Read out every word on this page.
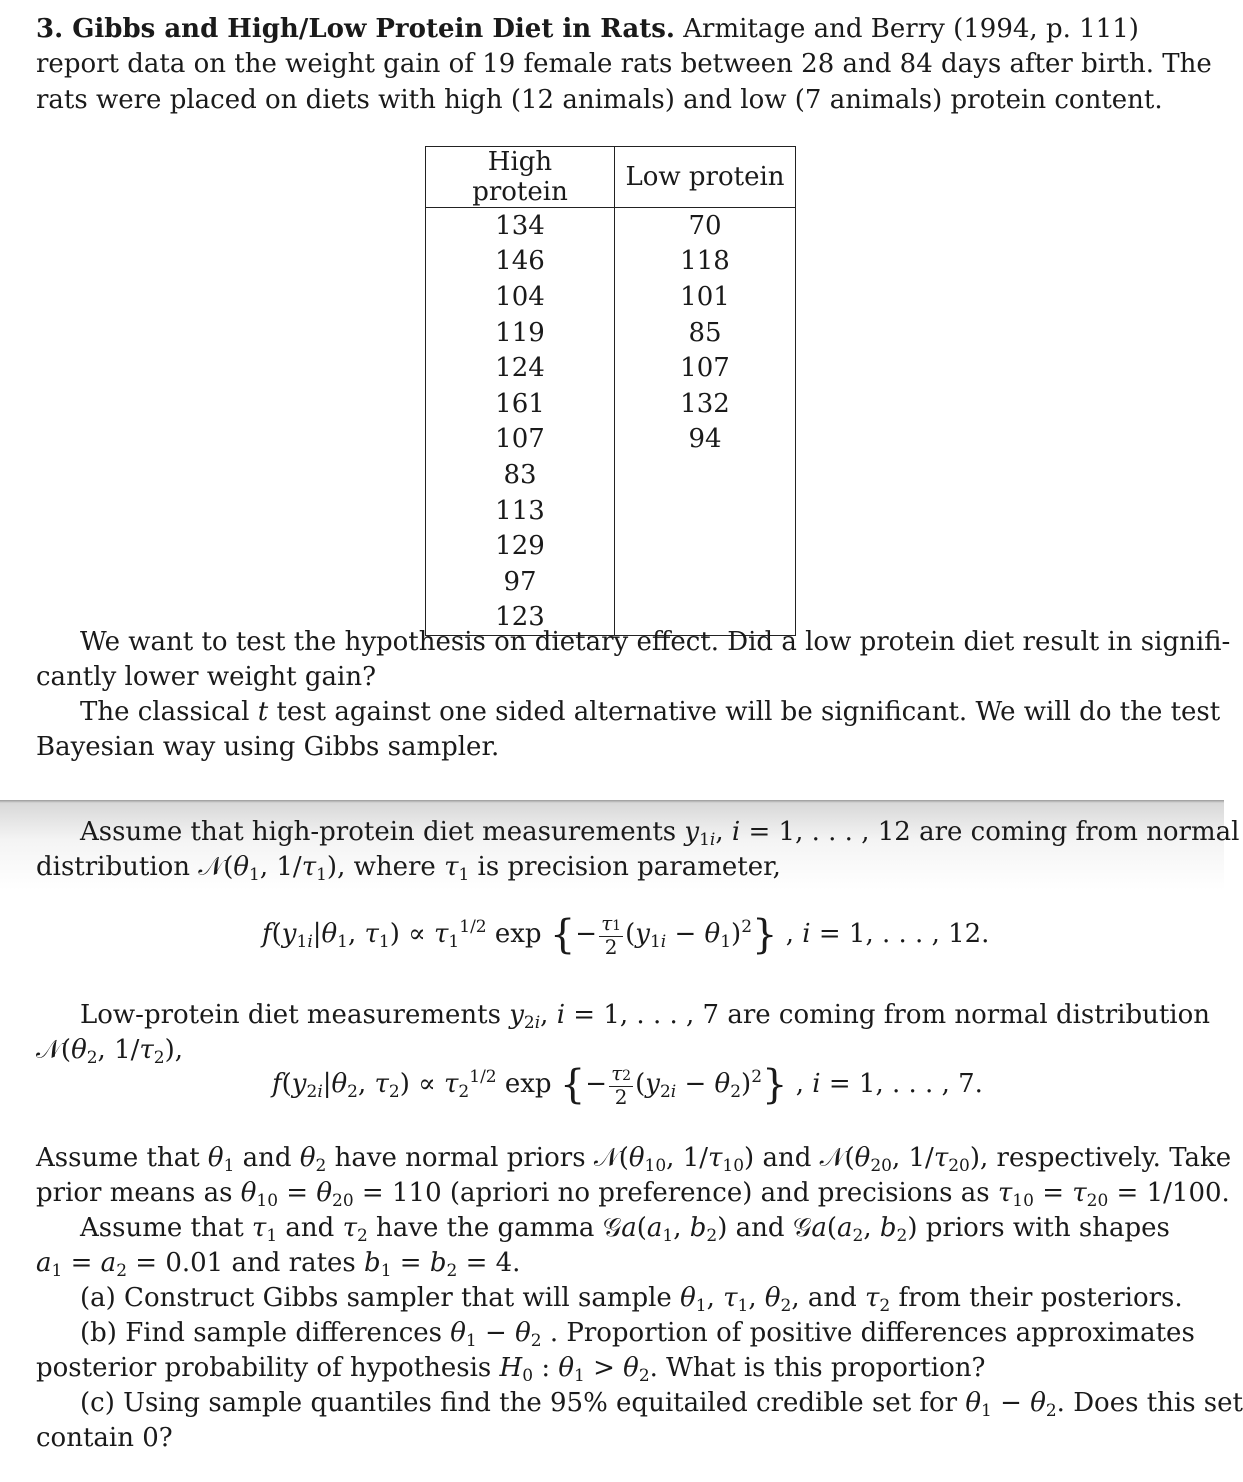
3. Gibbs and High/Low Protein Diet in Rats. Armitage and Berry (1994, p. 111)
report data on the weight gain of 19 female rats between 28 and 84 days after birth. The
rats were placed on diets with high (12 animals) and low (7 animals) protein content.
High protein	Low protein
134	70
146	118
104	101
119	85
124	107
161	132
107	94
83	
113	
129	
97	
123	
We want to test the hypothesis on dietary effect. Did a low protein diet result in signifi-
cantly lower weight gain?
The classical t test against one sided alternative will be significant. We will do the test
Bayesian way using Gibbs sampler.
Assume that high-protein diet measurements $y_{1i}$, i = 1, . . . , 12 are coming from normal
distribution $𝒩(\theta_1$, $1/\tau_1$), where $\tau_1$ is precision parameter,
$f(y_{1i}|\theta_1$, $\tau_1) \propto \tau_1^{1/2}$ exp {− $\frac{\tau 1}{2} (y_{1i} - \theta_1)^2$} , i = 1, . . . , 12.
Low-protein diet measurements $y_{2i}$, i = 1, . . . , 7 are coming from normal distribution
$𝒩(\theta_2$, $1/\tau_2$),
$f(y_{2i}|\theta_2$, $\tau_2) \propto \tau_2^{1/2}$ exp {− $\frac{\tau 2}{2} (y_{2i} - \theta_2)^2$} , i = 1, . . . , 7.
Assume that $\theta_1$ and $\theta_2$ have normal priors $𝒩(\theta_{10}$, $1/\tau_{10}$) and $𝒩(\theta_{20}$, $1/\tau_{20}$), respectively. Take
prior means as $\theta_{10} = \theta_{20} = 110$ (apriori no preference) and precisions as $\tau_{10} = \tau_{20} = 1/100$.
Assume that $\tau_1$ and $\tau_2$ have the gamma $𝒢a(a_1$, $b_2$) and $𝒢a(a_2$, $b_2$) priors with shapes
$a_1 = a_2 = 0.01$ and rates $b_1 = b_2 = 4$.
(a) Construct Gibbs sampler that will sample $\theta_1$, $\tau_1$, $\theta_2$, and $\tau_2$ from their posteriors.
(b) Find sample differences $\theta_1 - \theta_2$ . Proportion of positive differences approximates
posterior probability of hypothesis $H_0$ : $\theta_1 > \theta_2$. What is this proportion?
(c) Using sample quantiles find the 95% equitailed credible set for $\theta_1 - \theta_2$. Does this set
contain 0?
